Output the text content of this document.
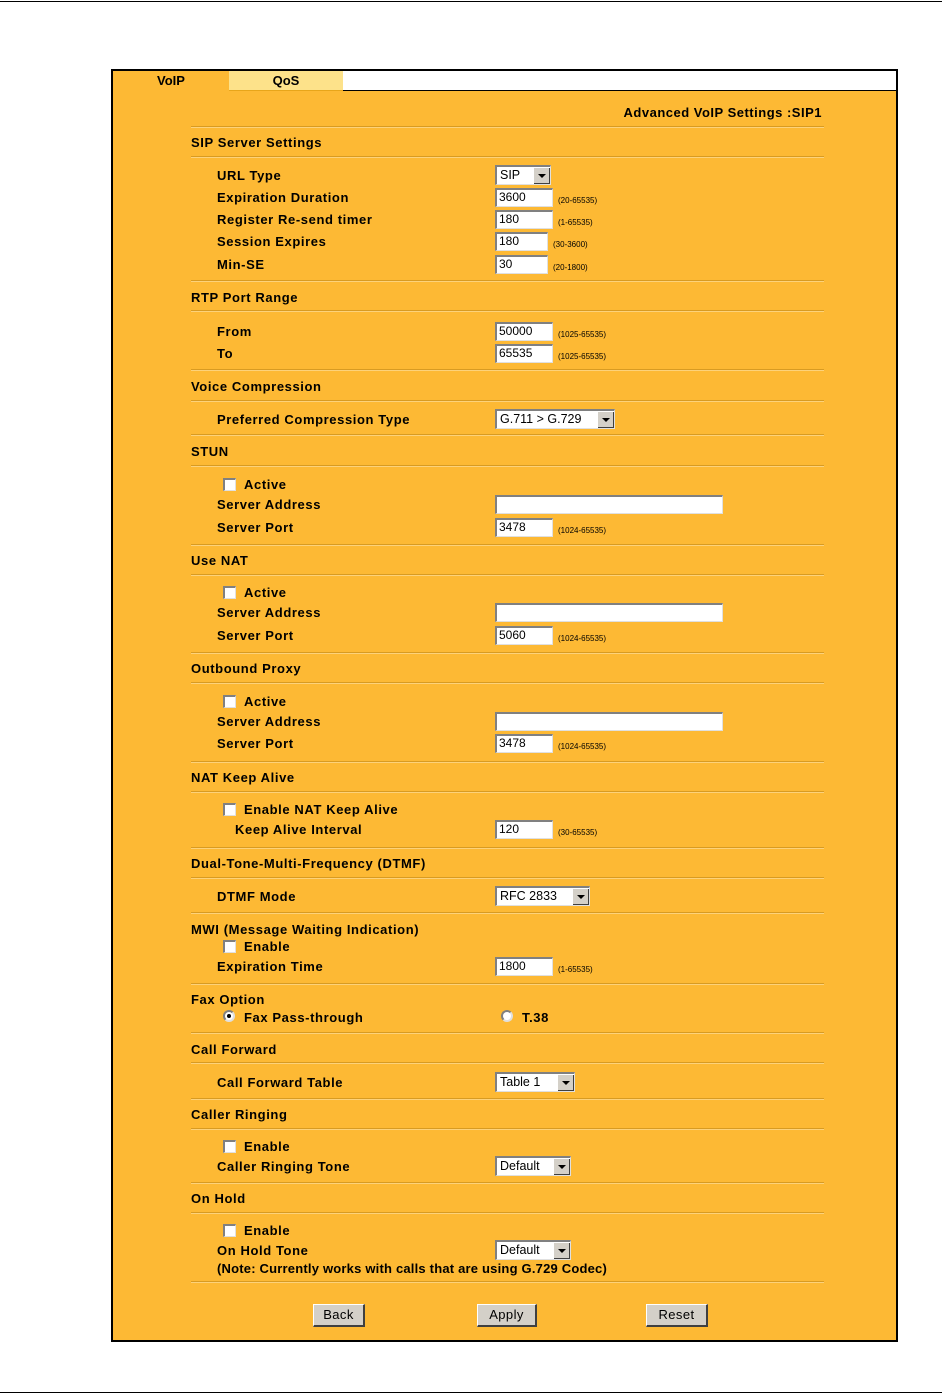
VoIP	QoS
Advanced VoIP Settings :SIP1
SIP Server Settings
URL Type	SIP
Expiration Duration	3600	(20-65535)
Register Re-send timer	180	(1-65535)
Session Expires	180	(30-3600)
Min-SE	30	(20-1800)
RTP Port Range
From	50000	(1025-65535)
To	65535	(1025-65535)
Voice Compression
Preferred Compression Type	G.711 > G.729
STUN
Active
Server Address
Server Port	3478	(1024-65535)
Use NAT
Active
Server Address
Server Port	5060	(1024-65535)
Outbound Proxy
Active
Server Address
Server Port	3478	(1024-65535)
NAT Keep Alive
Enable NAT Keep Alive
Keep Alive Interval	120	(30-65535)
Dual-Tone-Multi-Frequency (DTMF)
DTMF Mode	RFC 2833
MWI (Message Waiting Indication)
Enable
Expiration Time	1800	(1-65535)
Fax Option
Fax Pass-through	T.38
Call Forward
Call Forward Table	Table 1
Caller Ringing
Enable
Caller Ringing Tone	Default
On Hold
Enable
On Hold Tone	Default
(Note: Currently works with calls that are using G.729 Codec)
Back	Apply	Reset
